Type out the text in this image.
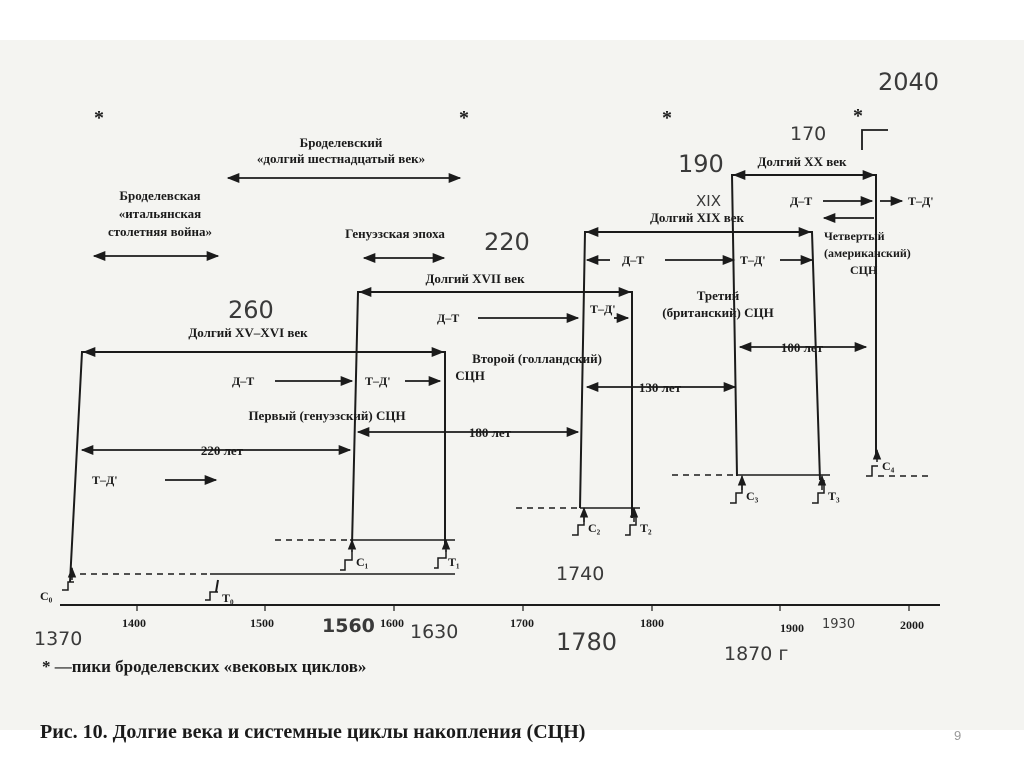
1400	1500	1600	1700	1800	1900	2000
*	*	*	*
Броделевский
«долгий шестнадцатый век»
Броделевская
«итальянская
столетняя война»	Генуэзская эпоха
Долгий XV–XVI век
Долгий XVII век
Долгий XIX век
Долгий XX век
Т–Д'
Д–Т	Т–Д'
Д–Т
Т–Д'
Д–Т	Т–Д'
Д–Т	Т–Д'
Первый (генуэзский) СЦН
Второй (голландский)
СЦН
Третий
(британский) СЦН
Четвертый
(американский)
СЦН
220 лет
180 лет
130 лет
100 лет
C₀	T₀
C₁	T₁
C₂	T₂
C₃	T₃
C₄
2040
170
190
XIX
220
260
1370
1560 1630
1740
1780	1870 г
1930
* —пики броделевских «вековых циклов»
Рис. 10. Долгие века и системные циклы накопления (СЦН)	9
